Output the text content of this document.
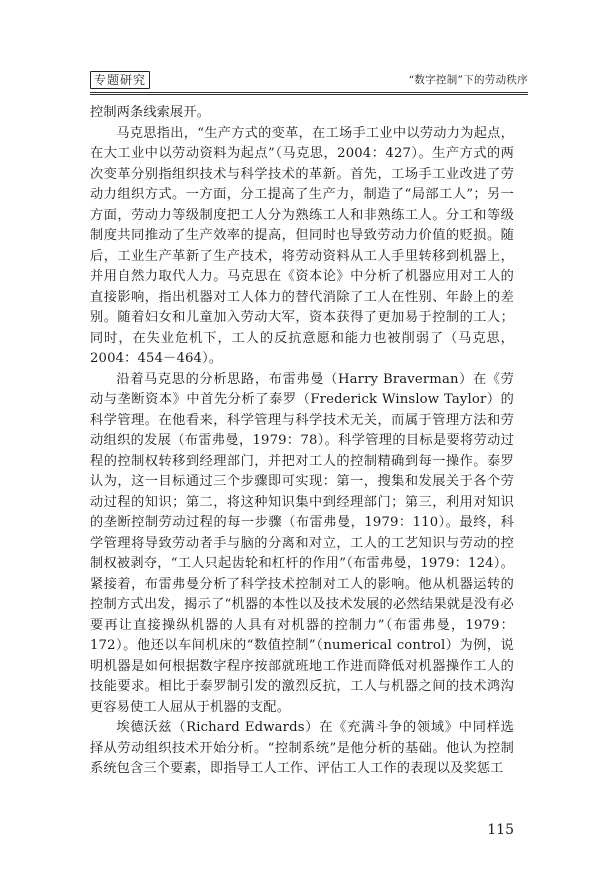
专题研究	“数字控制”下的劳动秩序

控制两条线索展开。

马克思指出，“生产方式的变革，在工场手工业中以劳动力为起点，在大工业中以劳动资料为起点”（马克思，2004：427）。生产方式的两次变革分别指组织技术与科学技术的革新。首先，工场手工业改进了劳动力组织方式。一方面，分工提高了生产力，制造了“局部工人”；另一方面，劳动力等级制度把工人分为熟练工人和非熟练工人。分工和等级制度共同推动了生产效率的提高，但同时也导致劳动力价值的贬损。随后，工业生产革新了生产技术，将劳动资料从工人手里转移到机器上，并用自然力取代人力。马克思在《资本论》中分析了机器应用对工人的直接影响，指出机器对工人体力的替代消除了工人在性别、年龄上的差别。随着妇女和儿童加入劳动大军，资本获得了更加易于控制的工人；同时，在失业危机下，工人的反抗意愿和能力也被削弱了（马克思，2004：454－464）。

沿着马克思的分析思路，布雷弗曼（Harry Braverman）在《劳动与垄断资本》中首先分析了泰罗（Frederick Winslow Taylor）的科学管理。在他看来，科学管理与科学技术无关，而属于管理方法和劳动组织的发展（布雷弗曼，1979：78）。科学管理的目标是要将劳动过程的控制权转移到经理部门，并把对工人的控制精确到每一操作。泰罗认为，这一目标通过三个步骤即可实现：第一，搜集和发展关于各个劳动过程的知识；第二，将这种知识集中到经理部门；第三，利用对知识的垄断控制劳动过程的每一步骤（布雷弗曼，1979：110）。最终，科学管理将导致劳动者手与脑的分离和对立，工人的工艺知识与劳动的控制权被剥夺，“工人只起齿轮和杠杆的作用”（布雷弗曼，1979：124）。紧接着，布雷弗曼分析了科学技术控制对工人的影响。他从机器运转的控制方式出发，揭示了“机器的本性以及技术发展的必然结果就是没有必要再让直接操纵机器的人具有对机器的控制力”（布雷弗曼，1979：172）。他还以车间机床的“数值控制”（numerical control）为例，说明机器是如何根据数字程序按部就班地工作进而降低对机器操作工人的技能要求。相比于泰罗制引发的激烈反抗，工人与机器之间的技术鸿沟更容易使工人屈从于机器的支配。

埃德沃兹（Richard Edwards）在《充满斗争的领域》中同样选择从劳动组织技术开始分析。“控制系统”是他分析的基础。他认为控制系统包含三个要素，即指导工人工作、评估工人工作的表现以及奖惩工

115
